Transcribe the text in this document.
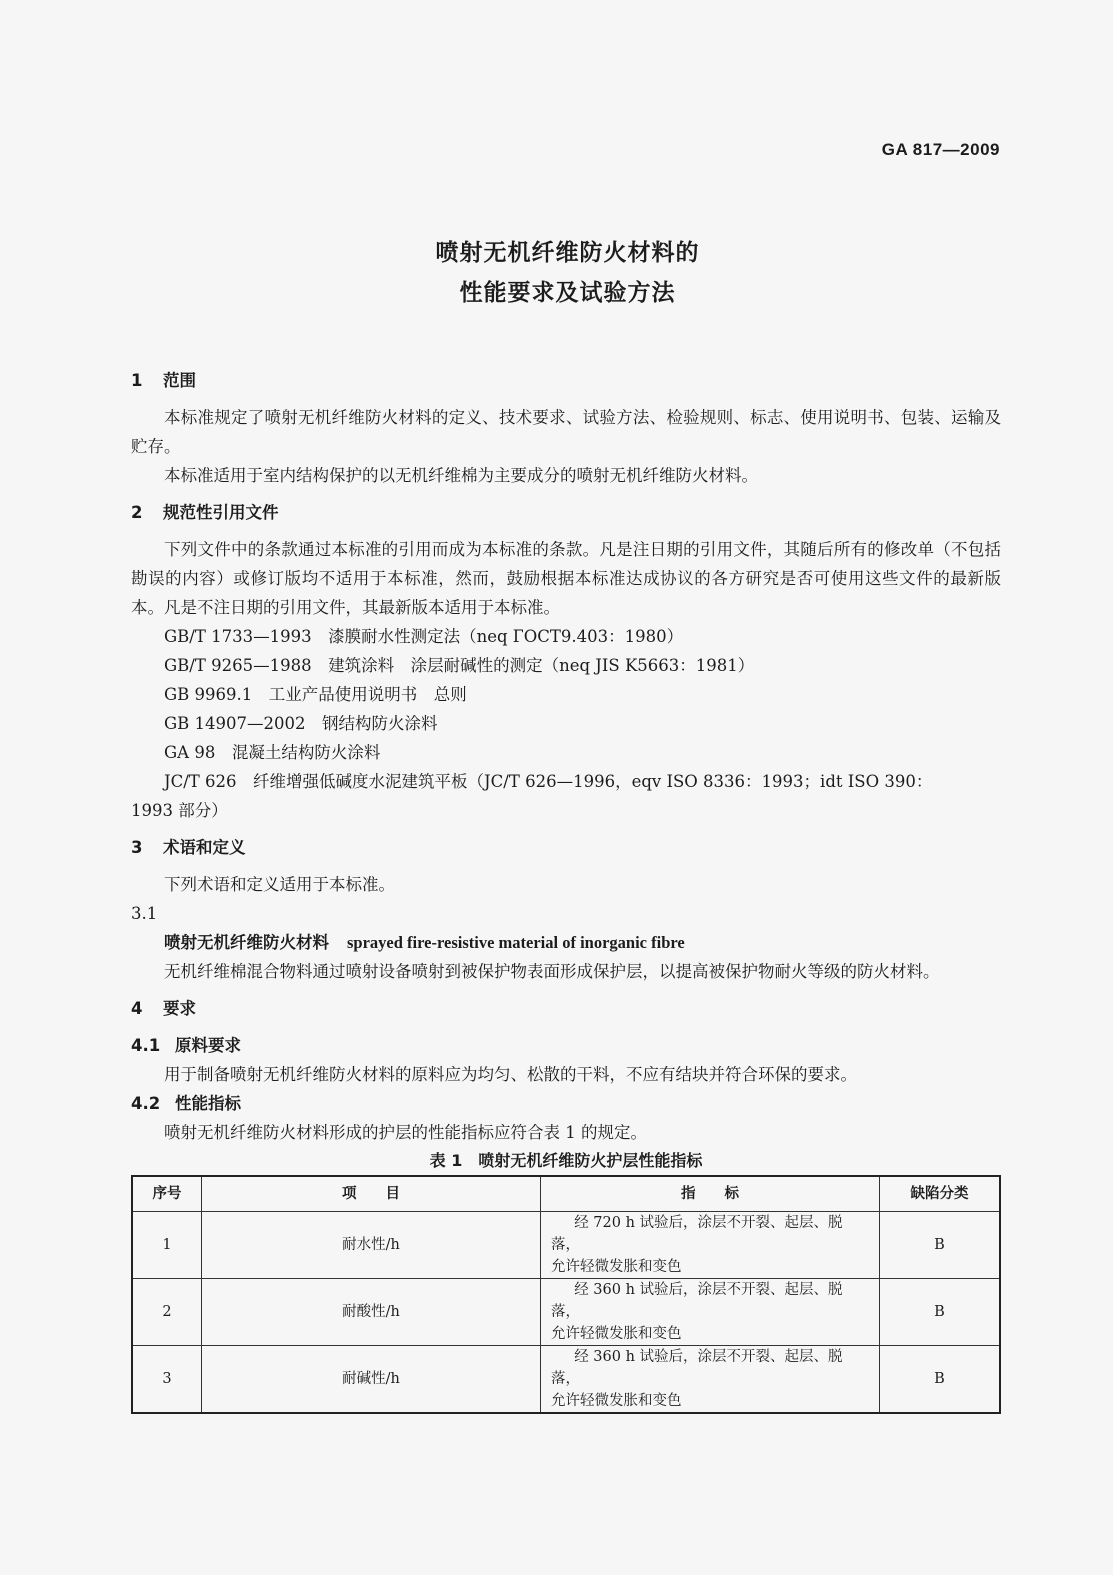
GA 817—2009
喷射无机纤维防火材料的
性能要求及试验方法
1 范围

本标准规定了喷射无机纤维防火材料的定义、技术要求、试验方法、检验规则、标志、使用说明书、包装、运输及贮存。

本标准适用于室内结构保护的以无机纤维棉为主要成分的喷射无机纤维防火材料。

2 规范性引用文件

下列文件中的条款通过本标准的引用而成为本标准的条款。凡是注日期的引用文件，其随后所有的修改单（不包括勘误的内容）或修订版均不适用于本标准，然而，鼓励根据本标准达成协议的各方研究是否可使用这些文件的最新版本。凡是不注日期的引用文件，其最新版本适用于本标准。

GB/T 1733—1993　漆膜耐水性测定法（neq ГОСТ9.403：1980）

GB/T 9265—1988　建筑涂料　涂层耐碱性的测定（neq JIS K5663：1981）

GB 9969.1　工业产品使用说明书　总则

GB 14907—2002　钢结构防火涂料

GA 98　混凝土结构防火涂料

JC/T 626　纤维增强低碱度水泥建筑平板（JC/T 626—1996，eqv ISO 8336：1993；idt ISO 390：

1993 部分）

3 术语和定义

下列术语和定义适用于本标准。

3.1

喷射无机纤维防火材料 sprayed fire-resistive material of inorganic fibre

无机纤维棉混合物料通过喷射设备喷射到被保护物表面形成保护层，以提高被保护物耐火等级的防火材料。

4 要求
4.1 原料要求

用于制备喷射无机纤维防火材料的原料应为均匀、松散的干料，不应有结块并符合环保的要求。

4.2 性能指标

喷射无机纤维防火材料形成的护层的性能指标应符合表 1 的规定。

表 1　喷射无机纤维防火护层性能指标

序号	项　　目	指　　标	缺陷分类
1	耐水性/h	经 720 h 试验后，涂层不开裂、起层、脱落，
允许轻微发胀和变色	B
2	耐酸性/h	经 360 h 试验后，涂层不开裂、起层、脱落，
允许轻微发胀和变色	B
3	耐碱性/h	经 360 h 试验后，涂层不开裂、起层、脱落，
允许轻微发胀和变色	B
